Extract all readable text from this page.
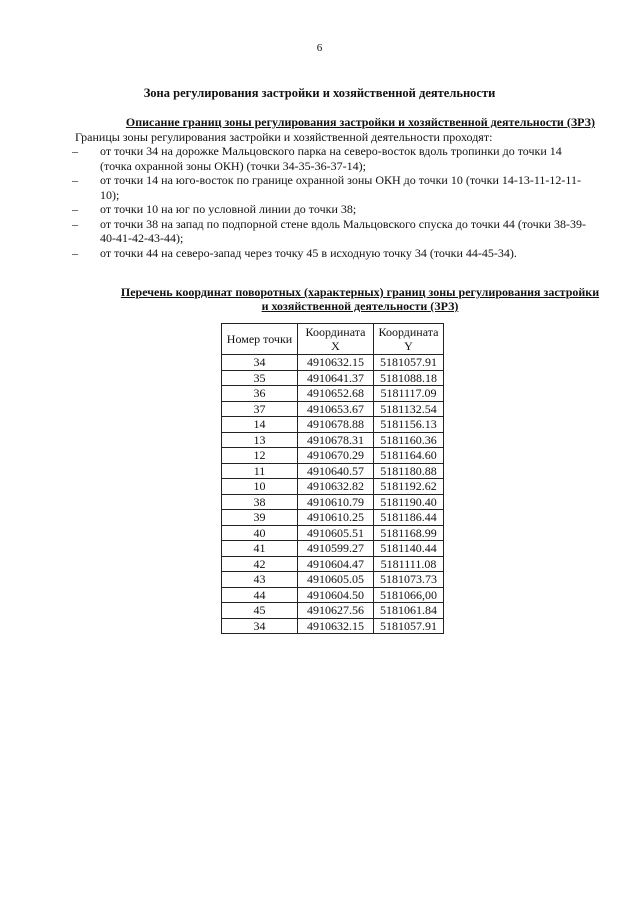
6
Зона регулирования застройки и хозяйственной деятельности
Описание границ зоны регулирования застройки и хозяйственной деятельности (ЗРЗ)
Границы зоны регулирования застройки и хозяйственной деятельности проходят:
– от точки 34 на дорожке Мальцовского парка на северо-восток вдоль тропинки до точки 14 (точка охранной зоны ОКН) (точки 34-35-36-37-14);
– от точки 14 на юго-восток по границе охранной зоны ОКН до точки 10 (точки 14-13-11-12-11-10);
– от точки 10 на юг по условной линии до точки 38;
– от точки 38 на запад по подпорной стене вдоль Мальцовского спуска до точки 44 (точки 38-39-40-41-42-43-44);
– от точки 44 на северо-запад через точку 45 в исходную точку 34 (точки 44-45-34).
Перечень координат поворотных (характерных) границ зоны регулирования застройки и хозяйственной деятельности (ЗРЗ)
Номер точки	Координата X	Координата Y
34	4910632.15	5181057.91
35	4910641.37	5181088.18
36	4910652.68	5181117.09
37	4910653.67	5181132.54
14	4910678.88	5181156.13
13	4910678.31	5181160.36
12	4910670.29	5181164.60
11	4910640.57	5181180.88
10	4910632.82	5181192.62
38	4910610.79	5181190.40
39	4910610.25	5181186.44
40	4910605.51	5181168.99
41	4910599.27	5181140.44
42	4910604.47	5181111.08
43	4910605.05	5181073.73
44	4910604.50	5181066,00
45	4910627.56	5181061.84
34	4910632.15	5181057.91
